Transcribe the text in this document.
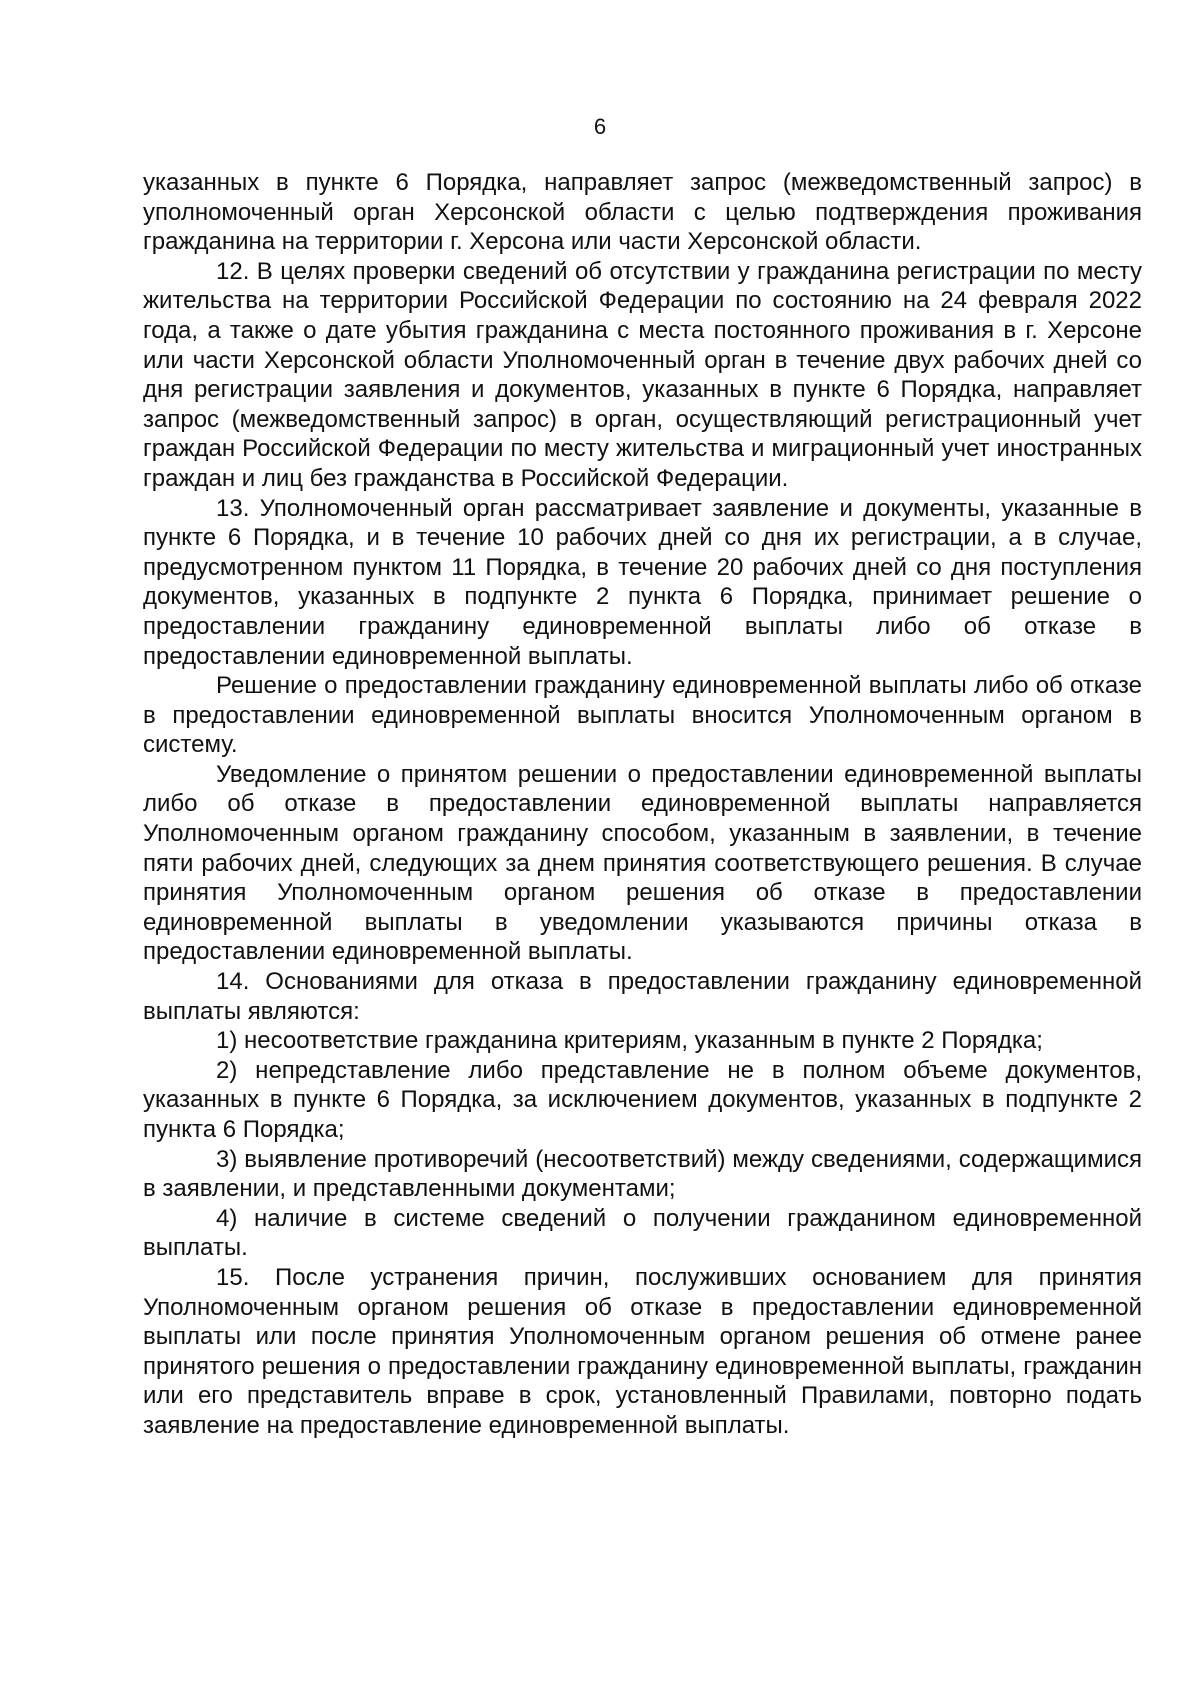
6

указанных в пункте 6 Порядка, направляет запрос (межведомственный запрос) в уполномоченный орган Херсонской области с целью подтверждения проживания гражданина на территории г. Херсона или части Херсонской области.

12. В целях проверки сведений об отсутствии у гражданина регистрации по месту жительства на территории Российской Федерации по состоянию на 24 февраля 2022 года, а также о дате убытия гражданина с места постоянного проживания в г. Херсоне или части Херсонской области Уполномоченный орган в течение двух рабочих дней со дня регистрации заявления и документов, указанных в пункте 6 Порядка, направляет запрос (межведомственный запрос) в орган, осуществляющий регистрационный учет граждан Российской Федерации по месту жительства и миграционный учет иностранных граждан и лиц без гражданства в Российской Федерации.

13. Уполномоченный орган рассматривает заявление и документы, указанные в пункте 6 Порядка, и в течение 10 рабочих дней со дня их регистрации, а в случае, предусмотренном пунктом 11 Порядка, в течение 20 рабочих дней со дня поступления документов, указанных в подпункте 2 пункта 6 Порядка, принимает решение о предоставлении гражданину единовременной выплаты либо об отказе в предоставлении единовременной выплаты.

Решение о предоставлении гражданину единовременной выплаты либо об отказе в предоставлении единовременной выплаты вносится Уполномоченным органом в систему.

Уведомление о принятом решении о предоставлении единовременной выплаты либо об отказе в предоставлении единовременной выплаты направляется Уполномоченным органом гражданину способом, указанным в заявлении, в течение пяти рабочих дней, следующих за днем принятия соответствующего решения. В случае принятия Уполномоченным органом решения об отказе в предоставлении единовременной выплаты в уведомлении указываются причины отказа в предоставлении единовременной выплаты.

14. Основаниями для отказа в предоставлении гражданину единовременной выплаты являются:

1) несоответствие гражданина критериям, указанным в пункте 2 Порядка;

2) непредставление либо представление не в полном объеме документов, указанных в пункте 6 Порядка, за исключением документов, указанных в подпункте 2 пункта 6 Порядка;

3) выявление противоречий (несоответствий) между сведениями, содержащимися в заявлении, и представленными документами;

4) наличие в системе сведений о получении гражданином единовременной выплаты.

15. После устранения причин, послуживших основанием для принятия Уполномоченным органом решения об отказе в предоставлении единовременной выплаты или после принятия Уполномоченным органом решения об отмене ранее принятого решения о предоставлении гражданину единовременной выплаты, гражданин или его представитель вправе в срок, установленный Правилами, повторно подать заявление на предоставление единовременной выплаты.
